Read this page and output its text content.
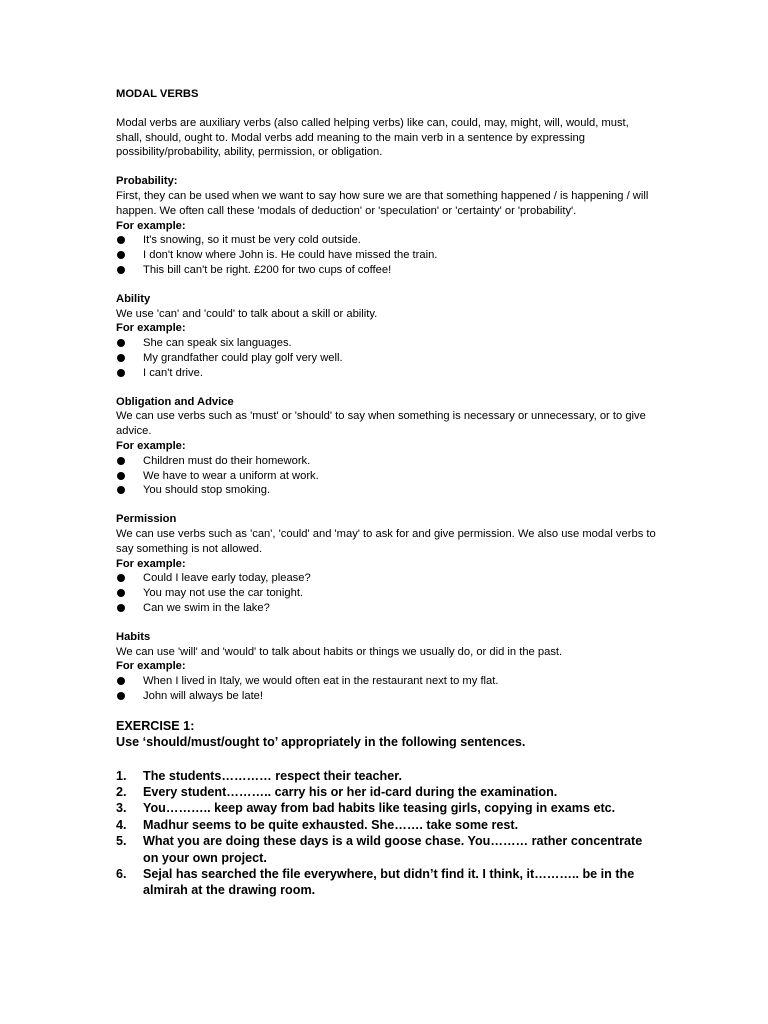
MODAL VERBS
Modal verbs are auxiliary verbs (also called helping verbs) like can, could, may, might, will, would, must, shall, should, ought to. Modal verbs add meaning to the main verb in a sentence by expressing possibility/probability, ability, permission, or obligation.
Probability:
First, they can be used when we want to say how sure we are that something happened / is happening / will happen. We often call these 'modals of deduction' or 'speculation' or 'certainty' or 'probability'.
For example:
It's snowing, so it must be very cold outside.
I don't know where John is. He could have missed the train.
This bill can't be right. £200 for two cups of coffee!
Ability
We use 'can' and 'could' to talk about a skill or ability.
For example:
She can speak six languages.
My grandfather could play golf very well.
I can't drive.
Obligation and Advice
We can use verbs such as 'must' or 'should' to say when something is necessary or unnecessary, or to give advice.
For example:
Children must do their homework.
We have to wear a uniform at work.
You should stop smoking.
Permission
We can use verbs such as 'can', 'could' and 'may' to ask for and give permission. We also use modal verbs to say something is not allowed.
For example:
Could I leave early today, please?
You may not use the car tonight.
Can we swim in the lake?
Habits
We can use 'will' and 'would' to talk about habits or things we usually do, or did in the past.
For example:
When I lived in Italy, we would often eat in the restaurant next to my flat.
John will always be late!
EXERCISE 1:
Use ‘should/must/ought to’ appropriately in the following sentences.
1. The students………… respect their teacher.
2. Every student……….. carry his or her id-card during the examination.
3. You……….. keep away from bad habits like teasing girls, copying in exams etc.
4. Madhur seems to be quite exhausted. She……. take some rest.
5. What you are doing these days is a wild goose chase. You……… rather concentrate on your own project.
6. Sejal has searched the file everywhere, but didn’t find it. I think, it……….. be in the almirah at the drawing room.
